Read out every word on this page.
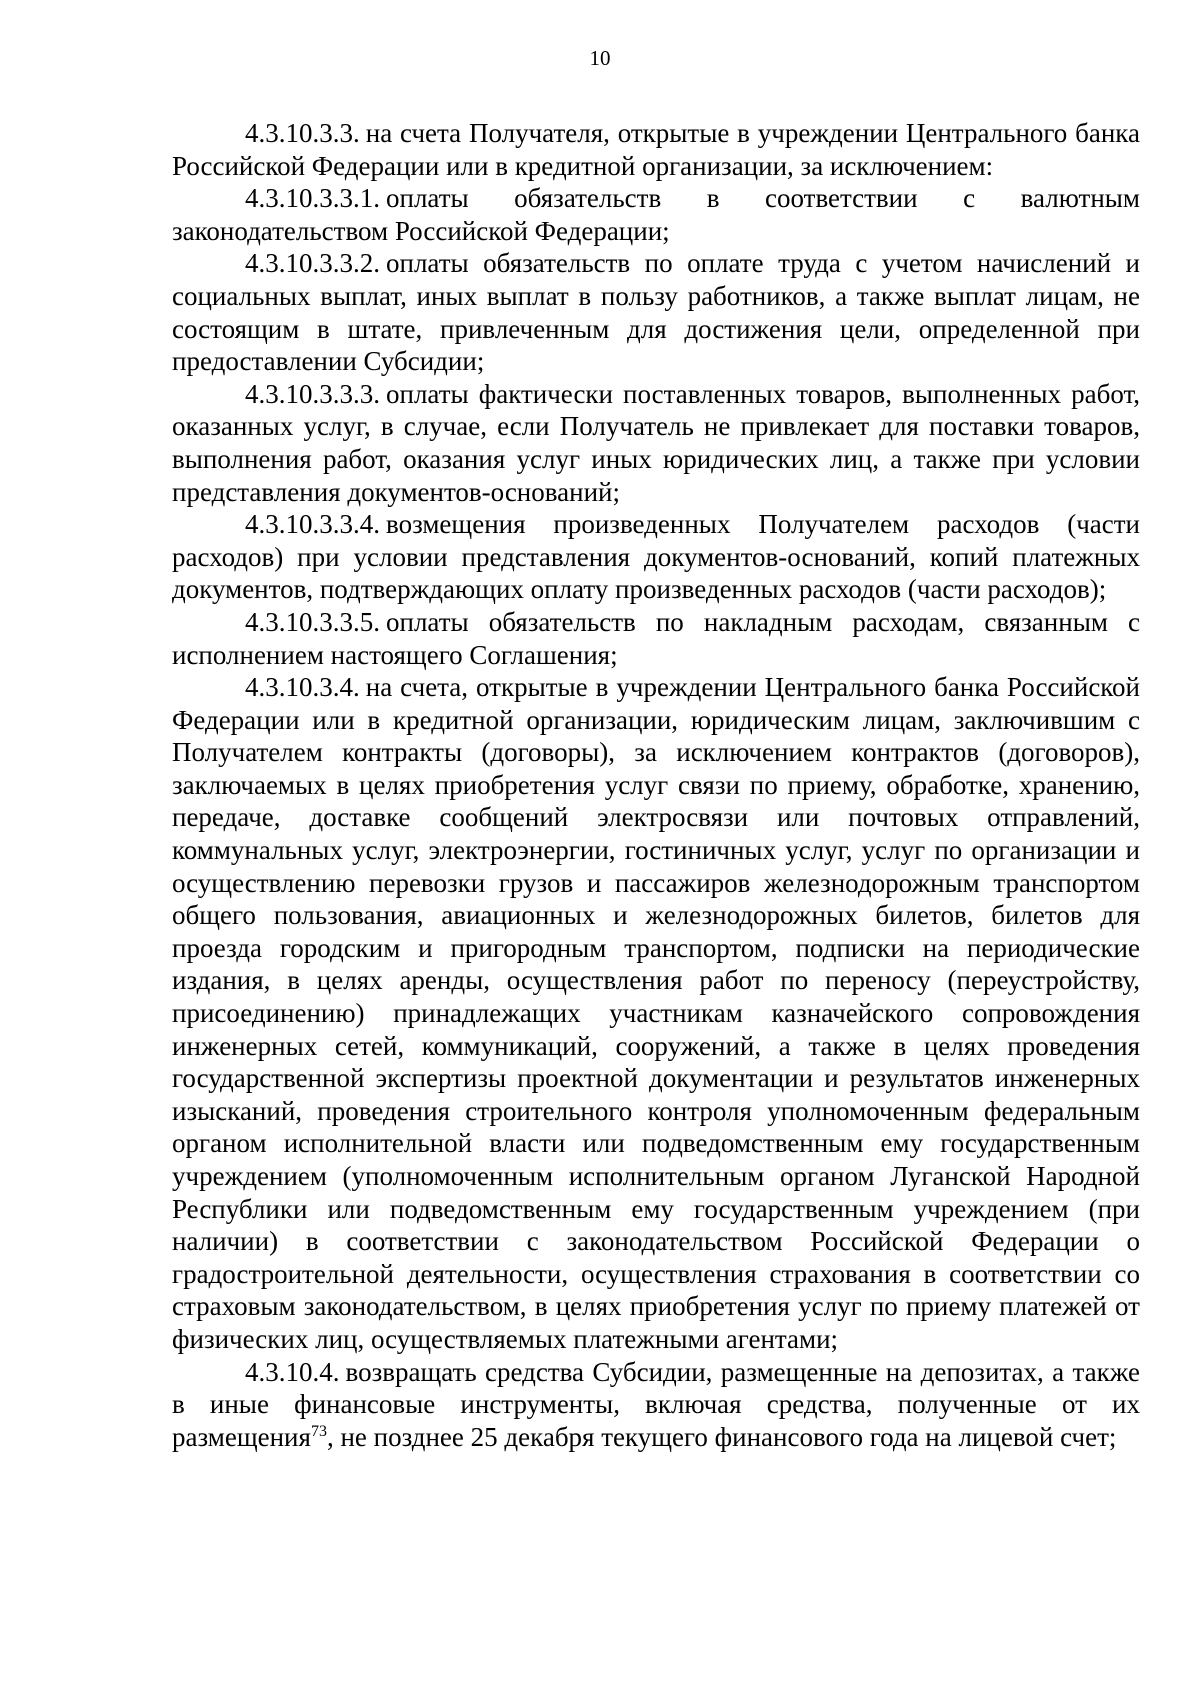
10

4.3.10.3.3. на счета Получателя, открытые в учреждении Центрального банка Российской Федерации или в кредитной организации, за исключением:

4.3.10.3.3.1. оплаты обязательств в соответствии с валютным законодательством Российской Федерации;

4.3.10.3.3.2. оплаты обязательств по оплате труда с учетом начислений и социальных выплат, иных выплат в пользу работников, а также выплат лицам, не состоящим в штате, привлеченным для достижения цели, определенной при предоставлении Субсидии;

4.3.10.3.3.3. оплаты фактически поставленных товаров, выполненных работ, оказанных услуг, в случае, если Получатель не привлекает для поставки товаров, выполнения работ, оказания услуг иных юридических лиц, а также при условии представления документов-оснований;

4.3.10.3.3.4. возмещения произведенных Получателем расходов (части расходов) при условии представления документов-оснований, копий платежных документов, подтверждающих оплату произведенных расходов (части расходов);

4.3.10.3.3.5. оплаты обязательств по накладным расходам, связанным с исполнением настоящего Соглашения;

4.3.10.3.4. на счета, открытые в учреждении Центрального банка Российской Федерации или в кредитной организации, юридическим лицам, заключившим с Получателем контракты (договоры), за исключением контрактов (договоров), заключаемых в целях приобретения услуг связи по приему, обработке, хранению, передаче, доставке сообщений электросвязи или почтовых отправлений, коммунальных услуг, электроэнергии, гостиничных услуг, услуг по организации и осуществлению перевозки грузов и пассажиров железнодорожным транспортом общего пользования, авиационных и железнодорожных билетов, билетов для проезда городским и пригородным транспортом, подписки на периодические издания, в целях аренды, осуществления работ по переносу (переустройству, присоединению) принадлежащих участникам казначейского сопровождения инженерных сетей, коммуникаций, сооружений, а также в целях проведения государственной экспертизы проектной документации и результатов инженерных изысканий, проведения строительного контроля уполномоченным федеральным органом исполнительной власти или подведомственным ему государственным учреждением (уполномоченным исполнительным органом Луганской Народной Республики или подведомственным ему государственным учреждением (при наличии) в соответствии с законодательством Российской Федерации о градостроительной деятельности, осуществления страхования в соответствии со страховым законодательством, в целях приобретения услуг по приему платежей от физических лиц, осуществляемых платежными агентами;

4.3.10.4. возвращать средства Субсидии, размещенные на депозитах, а также в иные финансовые инструменты, включая средства, полученные от их размещения$^{73}$, не позднее 25 декабря текущего финансового года на лицевой счет;
